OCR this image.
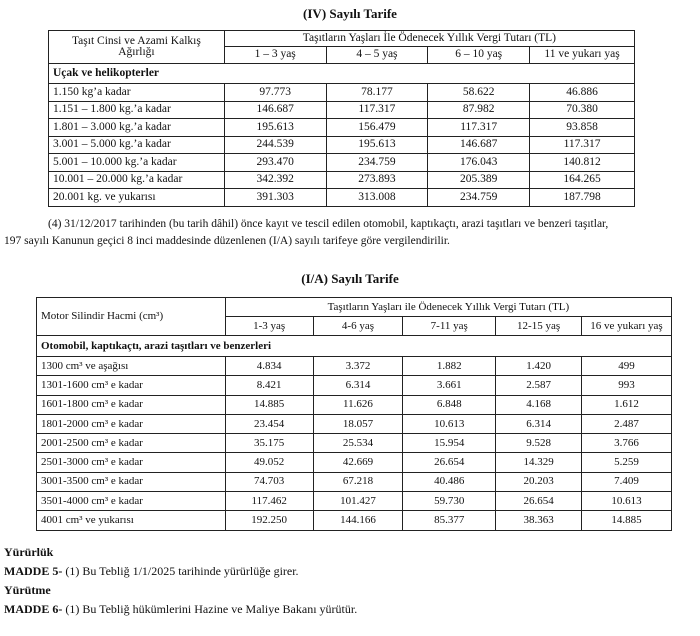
(IV) Sayılı Tarife
Taşıt Cinsi ve Azami Kalkış
Ağırlığı	Taşıtların Yaşları İle Ödenecek Yıllık Vergi Tutarı (TL)			
	1 – 3 yaş	4 – 5 yaş	6 – 10 yaş	11 ve yukarı yaş
Uçak ve helikopterler				
1.150 kg’a kadar	97.773	78.177	58.622	46.886
1.151 – 1.800 kg.’a kadar	146.687	117.317	87.982	70.380
1.801 – 3.000 kg.’a kadar	195.613	156.479	117.317	93.858
3.001 – 5.000 kg.’a kadar	244.539	195.613	146.687	117.317
5.001 – 10.000 kg.’a kadar	293.470	234.759	176.043	140.812
10.001 – 20.000 kg.’a kadar	342.392	273.893	205.389	164.265
20.001 kg. ve yukarısı	391.303	313.008	234.759	187.798
(4) 31/12/2017 tarihinden (bu tarih dâhil) önce kayıt ve tescil edilen otomobil, kaptıkaçtı, arazi taşıtları ve benzeri taşıtlar,
197 sayılı Kanunun geçici 8 inci maddesinde düzenlenen (I/A) sayılı tarifeye göre vergilendirilir.
(I/A) Sayılı Tarife
Motor Silindir Hacmi (cm³)	Taşıtların Yaşları ile Ödenecek Yıllık Vergi Tutarı (TL)				
	1-3 yaş	4-6 yaş	7-11 yaş	12-15 yaş	16 ve yukarı yaş
Otomobil, kaptıkaçtı, arazi taşıtları ve benzerleri					
1300 cm³ ve aşağısı	4.834	3.372	1.882	1.420	499
1301-1600 cm³ e kadar	8.421	6.314	3.661	2.587	993
1601-1800 cm³ e kadar	14.885	11.626	6.848	4.168	1.612
1801-2000 cm³ e kadar	23.454	18.057	10.613	6.314	2.487
2001-2500 cm³ e kadar	35.175	25.534	15.954	9.528	3.766
2501-3000 cm³ e kadar	49.052	42.669	26.654	14.329	5.259
3001-3500 cm³ e kadar	74.703	67.218	40.486	20.203	7.409
3501-4000 cm³ e kadar	117.462	101.427	59.730	26.654	10.613
4001 cm³ ve yukarısı	192.250	144.166	85.377	38.363	14.885
Yürürlük
MADDE 5- (1) Bu Tebliğ 1/1/2025 tarihinde yürürlüğe girer.
Yürütme
MADDE 6- (1) Bu Tebliğ hükümlerini Hazine ve Maliye Bakanı yürütür.
